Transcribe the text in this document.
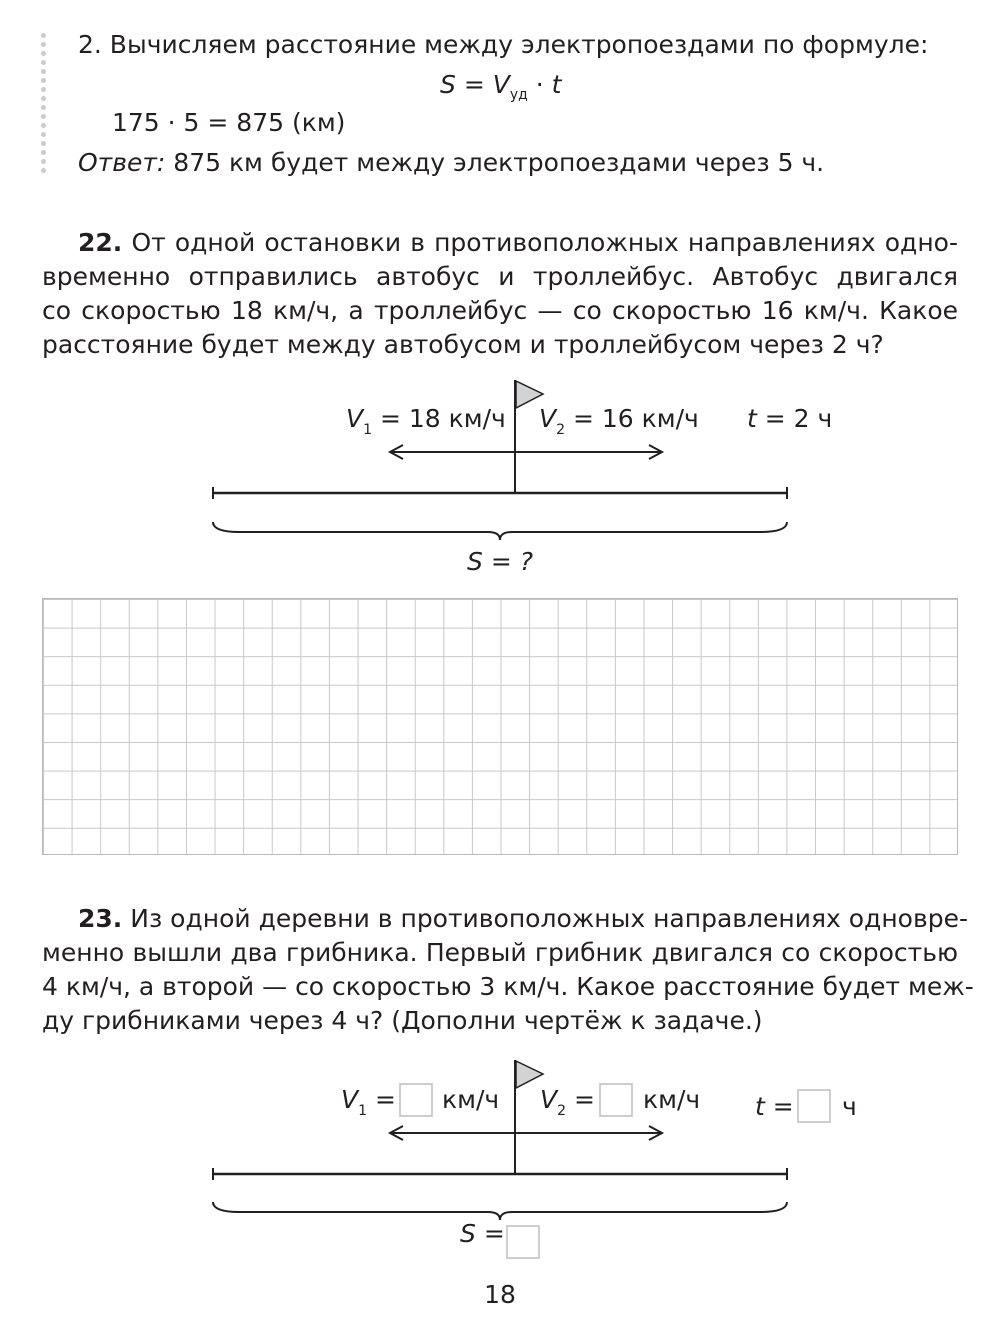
2. Вычисляем расстояние между электропоездами по формуле:
$S = V_{уд} \cdot t$
175 · 5 = 875 (км)
Ответ: 875 км будет между электропоездами через 5 ч.
22. От одной остановки в противоположных направлениях одно-
временно отправились автобус и троллейбус. Автобус двигался
со скоростью 18 км/ч, а троллейбус — со скоростью 16 км/ч. Какое
расстояние будет между автобусом и троллейбусом через 2 ч?
$V_1 = 18$ км/ч $V_2 = 16$ км/ч t = 2 ч
S = ?
23. Из одной деревни в противоположных направлениях одновре-
менно вышли два грибника. Первый грибник двигался со скоростью
4 км/ч, а второй — со скоростью 3 км/ч. Какое расстояние будет меж-
ду грибниками через 4 ч? (Дополни чертёж к задаче.)
$V_1 = км/ч$ $V_2 = км/ч$ t = ч
S =
18
